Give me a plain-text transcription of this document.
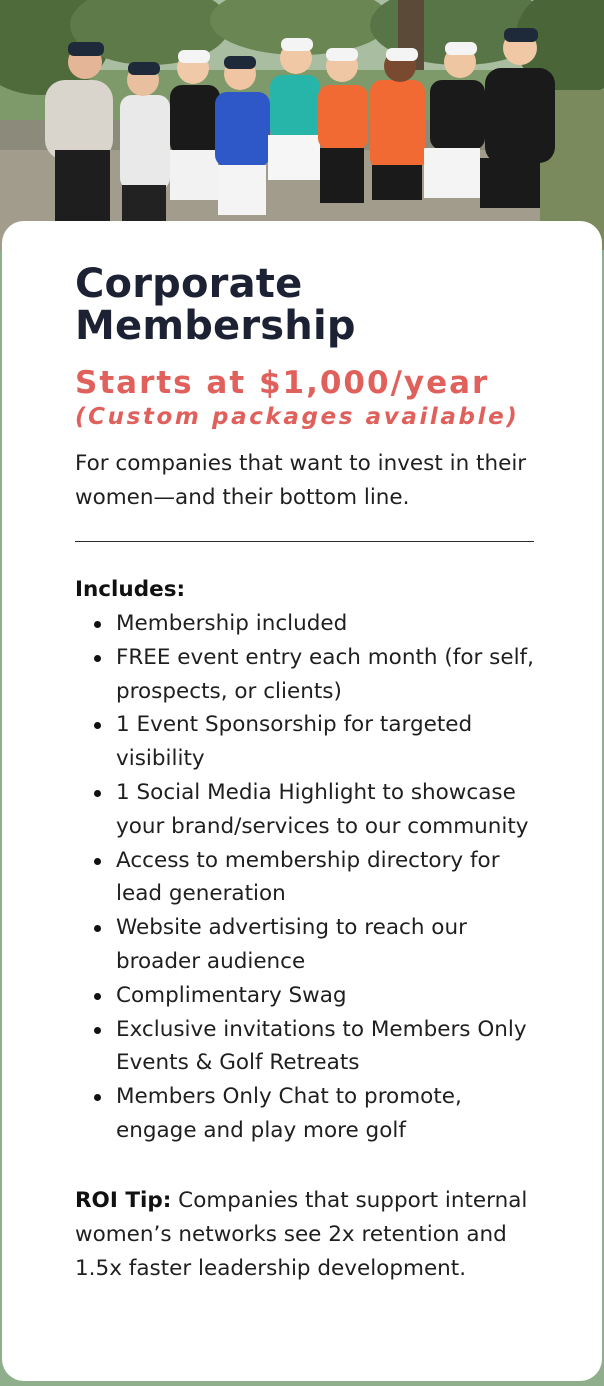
Corporate Membership
Starts at $1,000/year
(Custom packages available)

For companies that want to invest in their women—and their bottom line.

Includes:
Membership included
FREE event entry each month (for self, prospects, or clients)
1 Event Sponsorship for targeted visibility
1 Social Media Highlight to showcase your brand/services to our community
Access to membership directory for lead generation
Website advertising to reach our broader audience
Complimentary Swag
Exclusive invitations to Members Only Events & Golf Retreats
Members Only Chat to promote, engage and play more golf

ROI Tip: Companies that support internal women’s networks see 2x retention and 1.5x faster leadership development.
